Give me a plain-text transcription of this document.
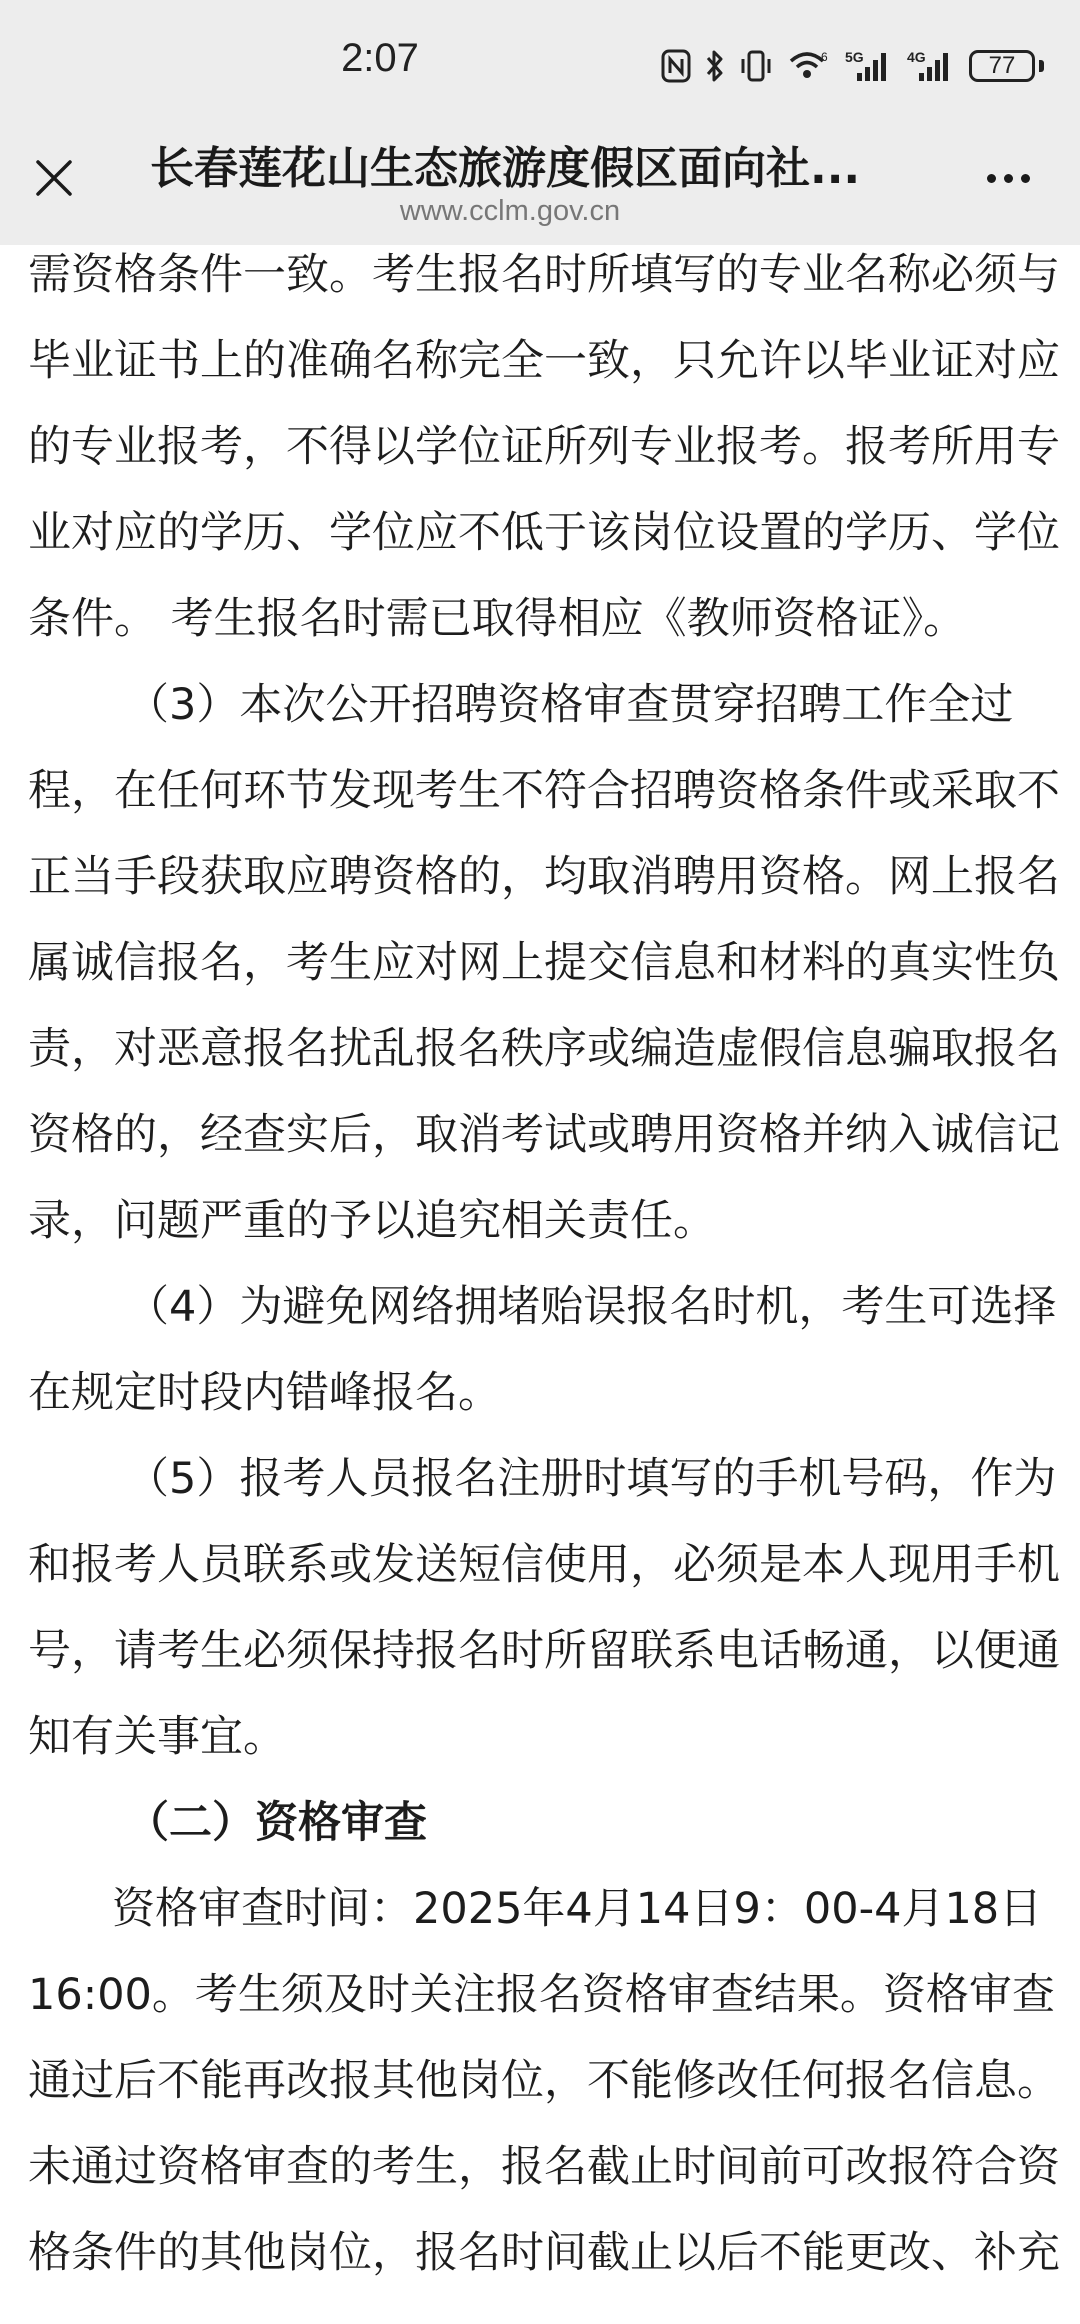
2:07	6 5G	4G	77
长春莲花山生态旅游度假区面向社...
www.cclm.gov.cn
需资格条件一致。考生报名时所填写的专业名称必须与
毕业证书上的准确名称完全一致，只允许以毕业证对应
的专业报考，不得以学位证所列专业报考。报考所用专
业对应的学历、学位应不低于该岗位设置的学历、学位
条件。 考生报名时需已取得相应《教师资格证》。
（3）本次公开招聘资格审查贯穿招聘工作全过
程，在任何环节发现考生不符合招聘资格条件或采取不
正当手段获取应聘资格的，均取消聘用资格。网上报名
属诚信报名，考生应对网上提交信息和材料的真实性负
责，对恶意报名扰乱报名秩序或编造虚假信息骗取报名
资格的，经查实后，取消考试或聘用资格并纳入诚信记
录，问题严重的予以追究相关责任。
（4）为避免网络拥堵贻误报名时机，考生可选择
在规定时段内错峰报名。
（5）报考人员报名注册时填写的手机号码，作为
和报考人员联系或发送短信使用，必须是本人现用手机
号，请考生必须保持报名时所留联系电话畅通，以便通
知有关事宜。
（二）资格审查
资格审查时间：2025年4月14日9：00-4月18日
16:00。考生须及时关注报名资格审查结果。资格审查
通过后不能再改报其他岗位，不能修改任何报名信息。
未通过资格审查的考生，报名截止时间前可改报符合资
格条件的其他岗位，报名时间截止以后不能更改、补充
